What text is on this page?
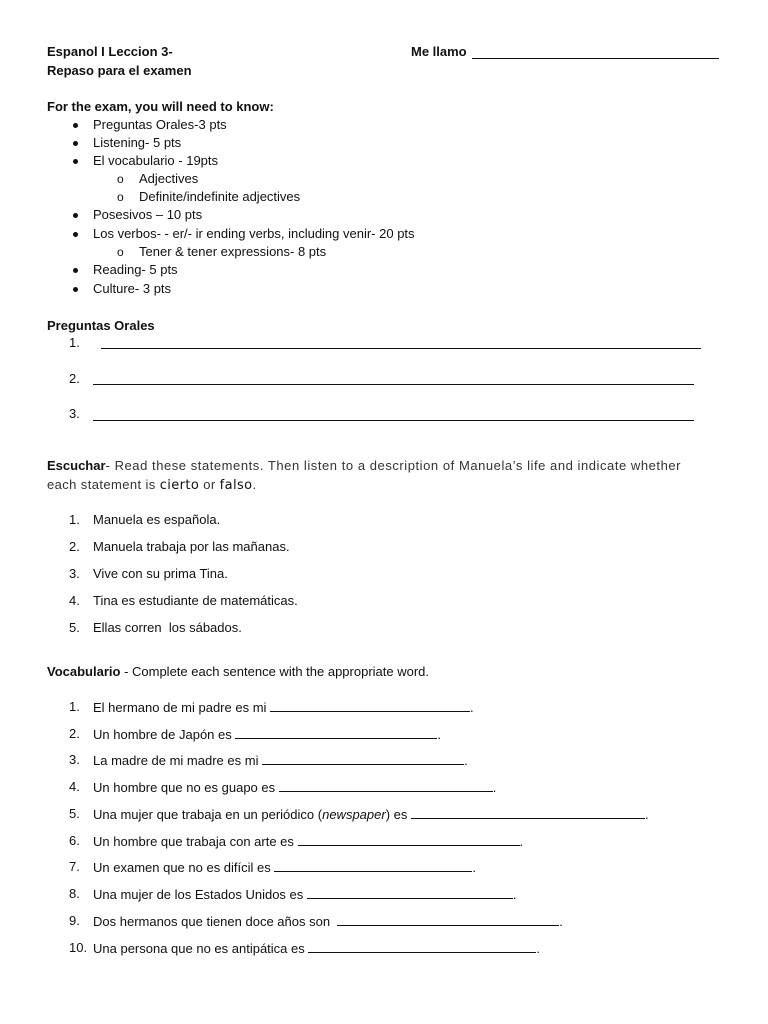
Espanol I Leccion 3-
Repaso para el examen
Me llamo
For the exam, you will need to know:
Preguntas Orales-3 pts
Listening- 5 pts
El vocabulario - 19pts
o Adjectives
o Definite/indefinite adjectives
Posesivos – 10 pts
Los verbos- - er/- ir ending verbs, including venir- 20 pts
o Tener & tener expressions- 8 pts
Reading- 5 pts
Culture- 3 pts
Preguntas Orales
1.
2.
3.
Escuchar- Read these statements. Then listen to a description of Manuela’s life and indicate whether
each statement is cierto or falso.
1. Manuela es española.
2. Manuela trabaja por las mañanas.
3. Vive con su prima Tina.
4. Tina es estudiante de matemáticas.
5. Ellas corren  los sábados.
Vocabulario - Complete each sentence with the appropriate word.
1. El hermano de mi padre es mi	.
2. Un hombre de Japón es	.
3. La madre de mi madre es mi	.
4. Un hombre que no es guapo es	.
5. Una mujer que trabaja en un periódico (newspaper) es	.
6. Un hombre que trabaja con arte es	.
7. Un examen que no es difícil es	.
8. Una mujer de los Estados Unidos es	.
9. Dos hermanos que tienen doce años son	.
10. Una persona que no es antipática es	.
